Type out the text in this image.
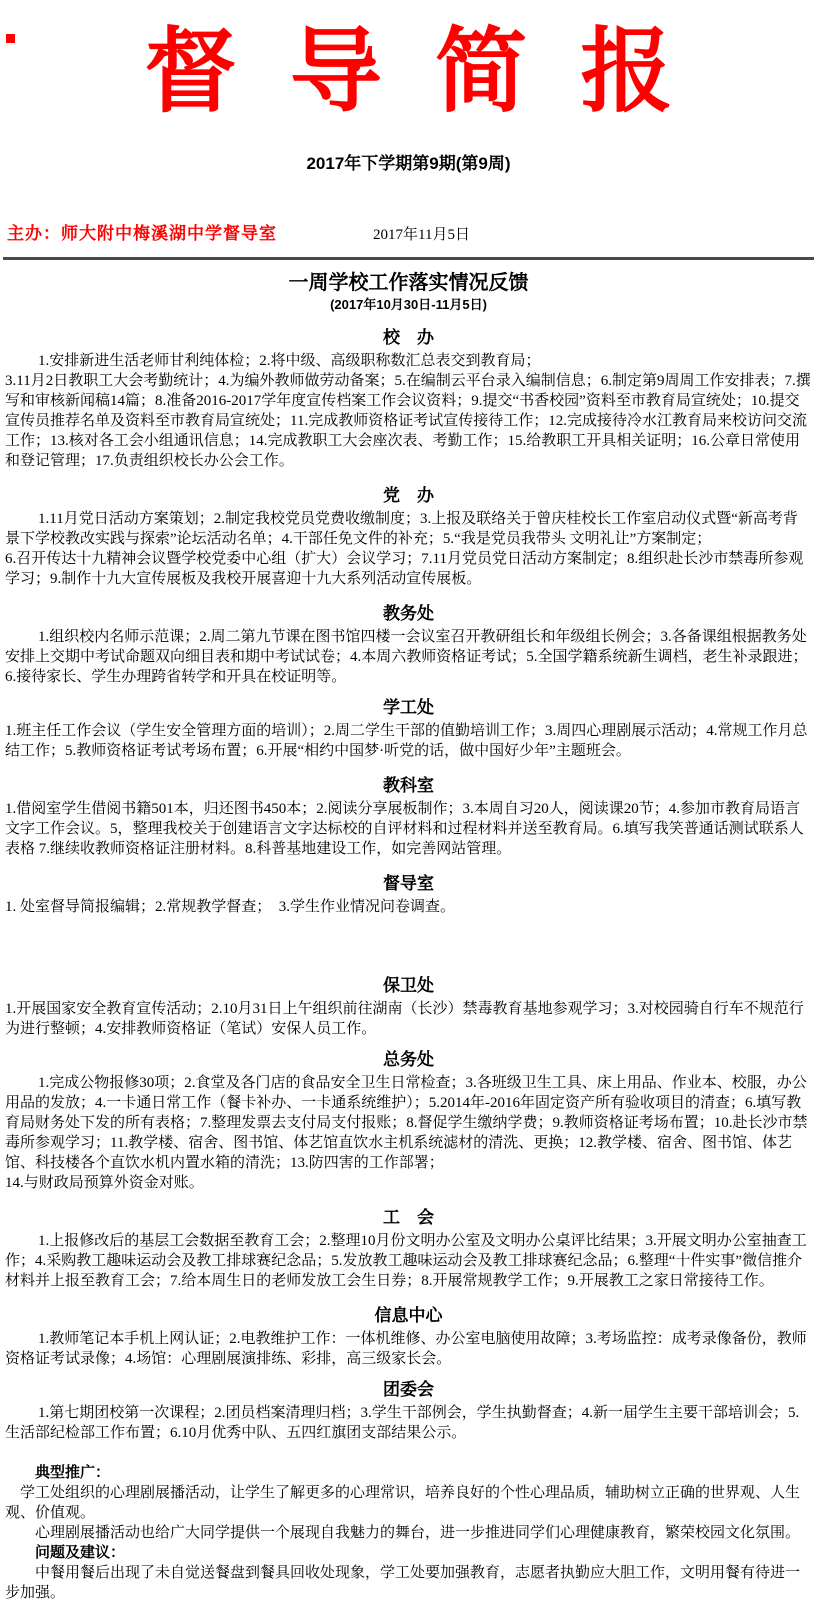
督导简报
2017年下学期第9期(第9周)
主办：师大附中梅溪湖中学督导室	2017年11月5日
一周学校工作落实情况反馈
(2017年10月30日-11月5日)
校　办

1.安排新进生活老师甘利纯体检；2.将中级、高级职称数汇总表交到教育局；

3.11月2日教职工大会考勤统计；4.为编外教师做劳动备案；5.在编制云平台录入编制信息；6.制定第9周周工作安排表；7.撰写和审核新闻稿14篇；8.准备2016-2017学年度宣传档案工作会议资料；9.提交“书香校园”资料至市教育局宣统处；10.提交宣传员推荐名单及资料至市教育局宣统处；11.完成教师资格证考试宣传接待工作；12.完成接待冷水江教育局来校访问交流工作；13.核对各工会小组通讯信息；14.完成教职工大会座次表、考勤工作；15.给教职工开具相关证明；16.公章日常使用和登记管理；17.负责组织校长办公会工作。

党　办

1.11月党日活动方案策划；2.制定我校党员党费收缴制度；3.上报及联络关于曾庆桂校长工作室启动仪式暨“新高考背景下学校教改实践与探索”论坛活动名单；4.干部任免文件的补充；5.“我是党员我带头 文明礼让”方案制定；

6.召开传达十九精神会议暨学校党委中心组（扩大）会议学习；7.11月党员党日活动方案制定；8.组织赴长沙市禁毒所参观学习；9.制作十九大宣传展板及我校开展喜迎十九大系列活动宣传展板。

教务处

1.组织校内名师示范课；2.周二第九节课在图书馆四楼一会议室召开教研组长和年级组长例会；3.各备课组根据教务处安排上交期中考试命题双向细目表和期中考试试卷；4.本周六教师资格证考试；5.全国学籍系统新生调档，老生补录跟进；6.接待家长、学生办理跨省转学和开具在校证明等。

学工处

1.班主任工作会议（学生安全管理方面的培训）；2.周二学生干部的值勤培训工作；3.周四心理剧展示活动；4.常规工作月总结工作；5.教师资格证考试考场布置；6.开展“相约中国梦·听党的话，做中国好少年”主题班会。

教科室

1.借阅室学生借阅书籍501本，归还图书450本；2.阅读分享展板制作；3.本周自习20人，阅读课20节；4.参加市教育局语言文字工作会议。5，整理我校关于创建语言文字达标校的自评材料和过程材料并送至教育局。6.填写我笑普通话测试联系人表格 7.继续收教师资格证注册材料。8.科普基地建设工作，如完善网站管理。

督导室

1. 处室督导简报编辑；2.常规教学督查；  3.学生作业情况问卷调查。

保卫处

1.开展国家安全教育宣传活动；2.10月31日上午组织前往湖南（长沙）禁毒教育基地参观学习；3.对校园骑自行车不规范行为进行整顿；4.安排教师资格证（笔试）安保人员工作。

总务处

1.完成公物报修30项；2.食堂及各门店的食品安全卫生日常检查；3.各班级卫生工具、床上用品、作业本、校服，办公用品的发放；4.一卡通日常工作（餐卡补办、一卡通系统维护）；5.2014年-2016年固定资产所有验收项目的清查；6.填写教育局财务处下发的所有表格；7.整理发票去支付局支付报账；8.督促学生缴纳学费；9.教师资格证考场布置；10.赴长沙市禁毒所参观学习；11.教学楼、宿舍、图书馆、体艺馆直饮水主机系统滤材的清洗、更换；12.教学楼、宿舍、图书馆、体艺馆、科技楼各个直饮水机内置水箱的清洗；13.防四害的工作部署；

14.与财政局预算外资金对账。

工　会

1.上报修改后的基层工会数据至教育工会；2.整理10月份文明办公室及文明办公桌评比结果；3.开展文明办公室抽查工作；4.采购教工趣味运动会及教工排球赛纪念品；5.发放教工趣味运动会及教工排球赛纪念品；6.整理“十件实事”微信推介材料并上报至教育工会；7.给本周生日的老师发放工会生日券；8.开展常规教学工作；9.开展教工之家日常接待工作。

信息中心

1.教师笔记本手机上网认证；2.电教维护工作：一体机维修、办公室电脑使用故障；3.考场监控：成考录像备份，教师资格证考试录像；4.场馆：心理剧展演排练、彩排，高三级家长会。

团委会

1.第七期团校第一次课程；2.团员档案清理归档；3.学生干部例会，学生执勤督查；4.新一届学生主要干部培训会；5.生活部纪检部工作布置；6.10月优秀中队、五四红旗团支部结果公示。

典型推广：

学工处组织的心理剧展播活动，让学生了解更多的心理常识，培养良好的个性心理品质，辅助树立正确的世界观、人生观、价值观。

心理剧展播活动也给广大同学提供一个展现自我魅力的舞台，进一步推进同学们心理健康教育，繁荣校园文化氛围。

问题及建议：

中餐用餐后出现了未自觉送餐盘到餐具回收处现象，学工处要加强教育，志愿者执勤应大胆工作，文明用餐有待进一步加强。
